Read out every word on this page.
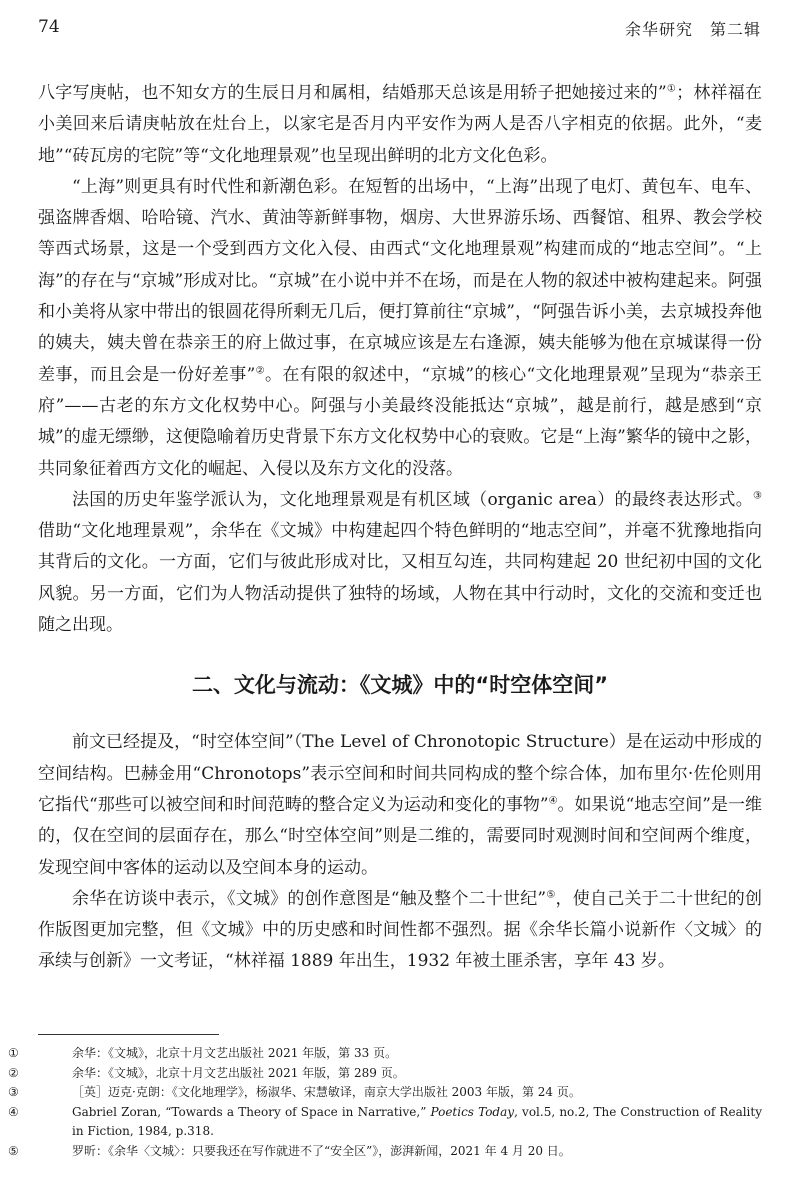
74	余华研究　第二辑

八字写庚帖，也不知女方的生辰日月和属相，结婚那天总该是用轿子把她接过来的”①；林祥福在小美回来后请庚帖放在灶台上，以家宅是否月内平安作为两人是否八字相克的依据。此外，“麦地”“砖瓦房的宅院”等“文化地理景观”也呈现出鲜明的北方文化色彩。

“上海”则更具有时代性和新潮色彩。在短暂的出场中，“上海”出现了电灯、黄包车、电车、强盗牌香烟、哈哈镜、汽水、黄油等新鲜事物，烟房、大世界游乐场、西餐馆、租界、教会学校等西式场景，这是一个受到西方文化入侵、由西式“文化地理景观”构建而成的“地志空间”。“上海”的存在与“京城”形成对比。“京城”在小说中并不在场，而是在人物的叙述中被构建起来。阿强和小美将从家中带出的银圆花得所剩无几后，便打算前往“京城”，“阿强告诉小美，去京城投奔他的姨夫，姨夫曾在恭亲王的府上做过事，在京城应该是左右逢源，姨夫能够为他在京城谋得一份差事，而且会是一份好差事”②。在有限的叙述中，“京城”的核心“文化地理景观”呈现为“恭亲王府”——古老的东方文化权势中心。阿强与小美最终没能抵达“京城”，越是前行，越是感到“京城”的虚无缥缈，这便隐喻着历史背景下东方文化权势中心的衰败。它是“上海”繁华的镜中之影，共同象征着西方文化的崛起、入侵以及东方文化的没落。

法国的历史年鉴学派认为，文化地理景观是有机区域（organic area）的最终表达形式。③ 借助“文化地理景观”，余华在《文城》中构建起四个特色鲜明的“地志空间”，并毫不犹豫地指向其背后的文化。一方面，它们与彼此形成对比，又相互勾连，共同构建起 20 世纪初中国的文化风貌。另一方面，它们为人物活动提供了独特的场域，人物在其中行动时，文化的交流和变迁也随之出现。

二、文化与流动：《文城》中的“时空体空间”

前文已经提及，“时空体空间”（The Level of Chronotopic Structure）是在运动中形成的空间结构。巴赫金用“Chronotops”表示空间和时间共同构成的整个综合体，加布里尔·佐伦则用它指代“那些可以被空间和时间范畴的整合定义为运动和变化的事物”④。如果说“地志空间”是一维的，仅在空间的层面存在，那么“时空体空间”则是二维的，需要同时观测时间和空间两个维度，发现空间中客体的运动以及空间本身的运动。

余华在访谈中表示，《文城》的创作意图是“触及整个二十世纪”⑤，使自己关于二十世纪的创作版图更加完整，但《文城》中的历史感和时间性都不强烈。据《余华长篇小说新作〈文城〉的承续与创新》一文考证，“林祥福 1889 年出生，1932 年被土匪杀害，享年 43 岁。

①	余华：《文城》，北京十月文艺出版社 2021 年版，第 33 页。

②	余华：《文城》，北京十月文艺出版社 2021 年版，第 289 页。

③	［英］迈克·克朗：《文化地理学》，杨淑华、宋慧敏译，南京大学出版社 2003 年版，第 24 页。

④	Gabriel Zoran, “Towards a Theory of Space in Narrative,” Poetics Today, vol.5, no.2, The Construction of Reality in Fiction, 1984, p.318.

⑤	罗昕：《余华〈文城〉：只要我还在写作就进不了“安全区”》，澎湃新闻，2021 年 4 月 20 日。
